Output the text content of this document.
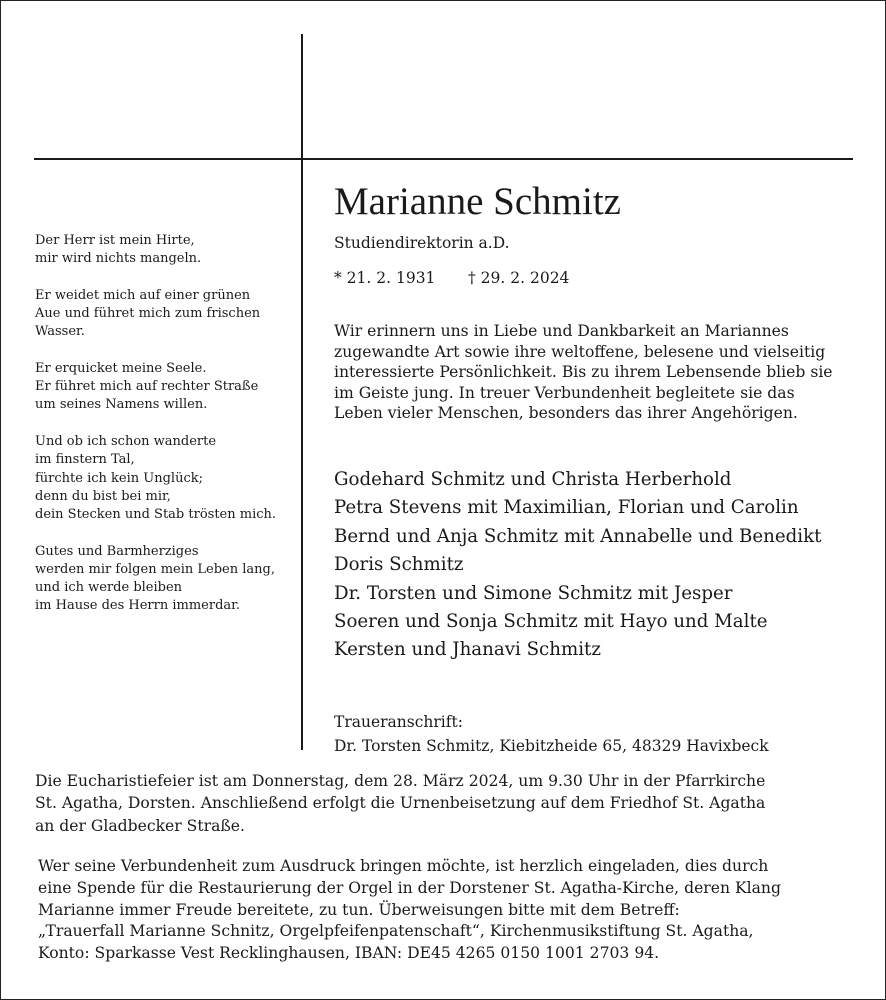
Der Herr ist mein Hirte,
mir wird nichts mangeln.
Er weidet mich auf einer grünen
Aue und führet mich zum frischen
Wasser.
Er erquicket meine Seele.
Er führet mich auf rechter Straße
um seines Namens willen.
Und ob ich schon wanderte
im finstern Tal,
fürchte ich kein Unglück;
denn du bist bei mir,
dein Stecken und Stab trösten mich.
Gutes und Barmherziges
werden mir folgen mein Leben lang,
und ich werde bleiben
im Hause des Herrn immerdar.
Marianne Schmitz
Studiendirektorin a.D.
* 21. 2. 1931 † 29. 2. 2024
Wir erinnern uns in Liebe und Dankbarkeit an Mariannes
zugewandte Art sowie ihre weltoffene, belesene und vielseitig
interessierte Persönlichkeit. Bis zu ihrem Lebensende blieb sie
im Geiste jung. In treuer Verbundenheit begleitete sie das
Leben vieler Menschen, besonders das ihrer Angehörigen.
Godehard Schmitz und Christa Herberhold
Petra Stevens mit Maximilian, Florian und Carolin
Bernd und Anja Schmitz mit Annabelle und Benedikt
Doris Schmitz
Dr. Torsten und Simone Schmitz mit Jesper
Soeren und Sonja Schmitz mit Hayo und Malte
Kersten und Jhanavi Schmitz
Traueranschrift:
Dr. Torsten Schmitz, Kiebitzheide 65, 48329 Havixbeck
Die Eucharistiefeier ist am Donnerstag, dem 28. März 2024, um 9.30 Uhr in der Pfarrkirche
St. Agatha, Dorsten. Anschließend erfolgt die Urnenbeisetzung auf dem Friedhof St. Agatha
an der Gladbecker Straße.
Wer seine Verbundenheit zum Ausdruck bringen möchte, ist herzlich eingeladen, dies durch
eine Spende für die Restaurierung der Orgel in der Dorstener St. Agatha-Kirche, deren Klang
Marianne immer Freude bereitete, zu tun. Überweisungen bitte mit dem Betreff:
„Trauerfall Marianne Schnitz, Orgelpfeifenpatenschaft“, Kirchenmusikstiftung St. Agatha,
Konto: Sparkasse Vest Recklinghausen, IBAN: DE45 4265 0150 1001 2703 94.
